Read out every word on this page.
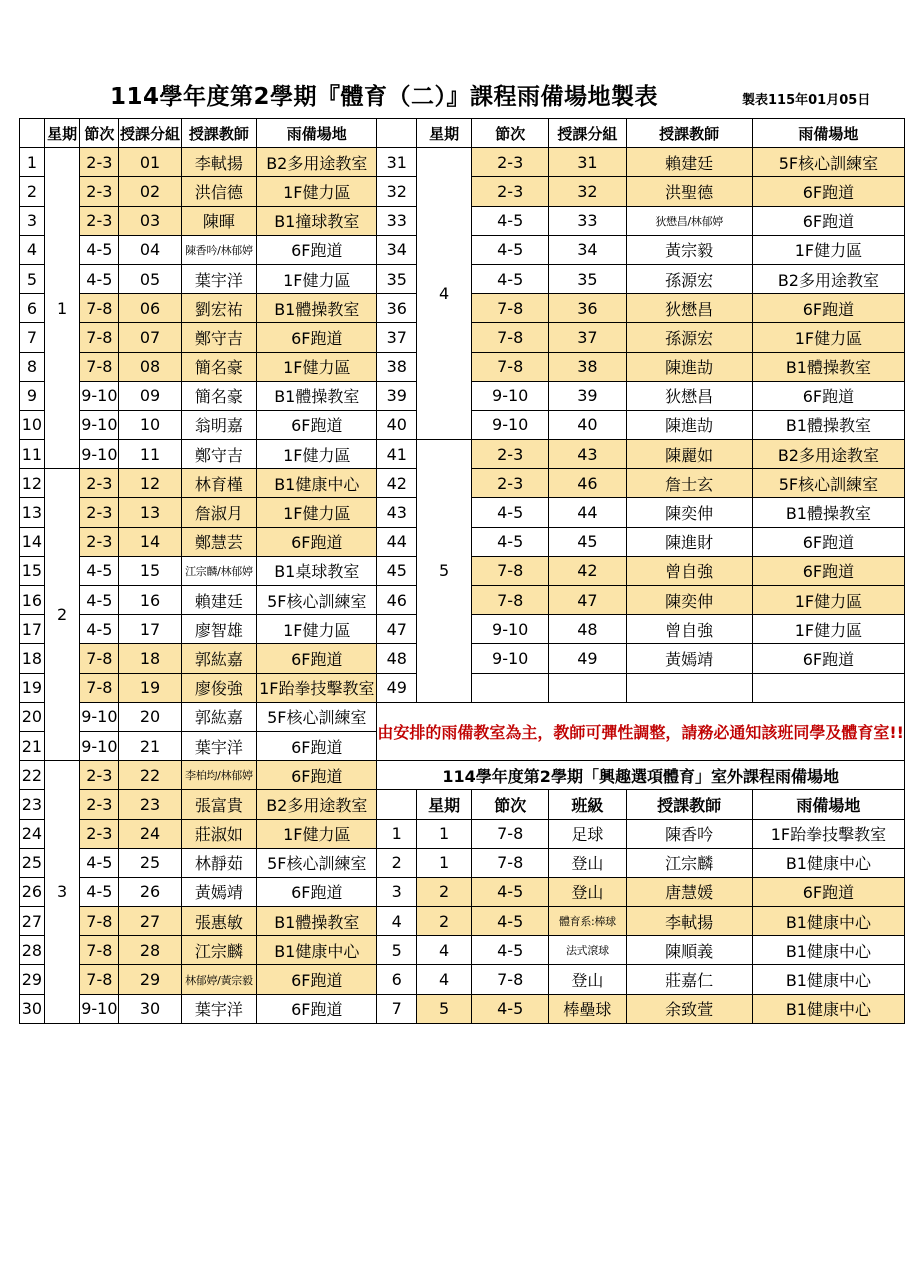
114學年度第2學期『體育（二）』課程雨備場地製表	製表115年01月05日
	星期	節次	授課分組	授課教師	雨備場地		星期	節次	授課分組	授課教師	雨備場地
1	1	2-3	01	李軾揚	B2多用途教室	31	4	2-3	31	賴建廷	5F核心訓練室
2		2-3	02	洪信德	1F健力區	32		2-3	32	洪聖德	6F跑道
3		2-3	03	陳暉	B1撞球教室	33		4-5	33	狄懋昌/林郁婷	6F跑道
4		4-5	04	陳香吟/林郁婷	6F跑道	34		4-5	34	黃宗毅	1F健力區
5		4-5	05	葉宇洋	1F健力區	35		4-5	35	孫源宏	B2多用途教室
6		7-8	06	劉宏祐	B1體操教室	36		7-8	36	狄懋昌	6F跑道
7		7-8	07	鄭守吉	6F跑道	37		7-8	37	孫源宏	1F健力區
8		7-8	08	簡名豪	1F健力區	38		7-8	38	陳進劼	B1體操教室
9		9-10	09	簡名豪	B1體操教室	39		9-10	39	狄懋昌	6F跑道
10		9-10	10	翁明嘉	6F跑道	40		9-10	40	陳進劼	B1體操教室
11		9-10	11	鄭守吉	1F健力區	41	5	2-3	43	陳麗如	B2多用途教室
12	2	2-3	12	林育槿	B1健康中心	42		2-3	46	詹士玄	5F核心訓練室
13		2-3	13	詹淑月	1F健力區	43		4-5	44	陳奕伸	B1體操教室
14		2-3	14	鄭慧芸	6F跑道	44		4-5	45	陳進財	6F跑道
15		4-5	15	江宗麟/林郁婷	B1桌球教室	45		7-8	42	曾自強	6F跑道
16		4-5	16	賴建廷	5F核心訓練室	46		7-8	47	陳奕伸	1F健力區
17		4-5	17	廖智雄	1F健力區	47		9-10	48	曾自強	1F健力區
18		7-8	18	郭紘嘉	6F跑道	48		9-10	49	黃嫣靖	6F跑道
19		7-8	19	廖俊強	1F跆拳技擊教室	49					
20		9-10	20	郭紘嘉	5F核心訓練室	由安排的雨備教室為主，教師可彈性調整，請務必通知該班同學及體育室!!					
21		9-10	21	葉宇洋	6F跑道						
22	3	2-3	22	李柏均/林郁婷	6F跑道	114學年度第2學期「興趣選項體育」室外課程雨備場地					
23		2-3	23	張富貴	B2多用途教室		星期	節次	班級	授課教師	雨備場地
24		2-3	24	莊淑如	1F健力區	1	1	7-8	足球	陳香吟	1F跆拳技擊教室
25		4-5	25	林靜茹	5F核心訓練室	2	1	7-8	登山	江宗麟	B1健康中心
26		4-5	26	黃嫣靖	6F跑道	3	2	4-5	登山	唐慧媛	6F跑道
27		7-8	27	張惠敏	B1體操教室	4	2	4-5	體育系:棒球	李軾揚	B1健康中心
28		7-8	28	江宗麟	B1健康中心	5	4	4-5	法式滾球	陳順義	B1健康中心
29		7-8	29	林郁婷/黃宗毅	6F跑道	6	4	7-8	登山	莊嘉仁	B1健康中心
30		9-10	30	葉宇洋	6F跑道	7	5	4-5	棒壘球	余致萱	B1健康中心
